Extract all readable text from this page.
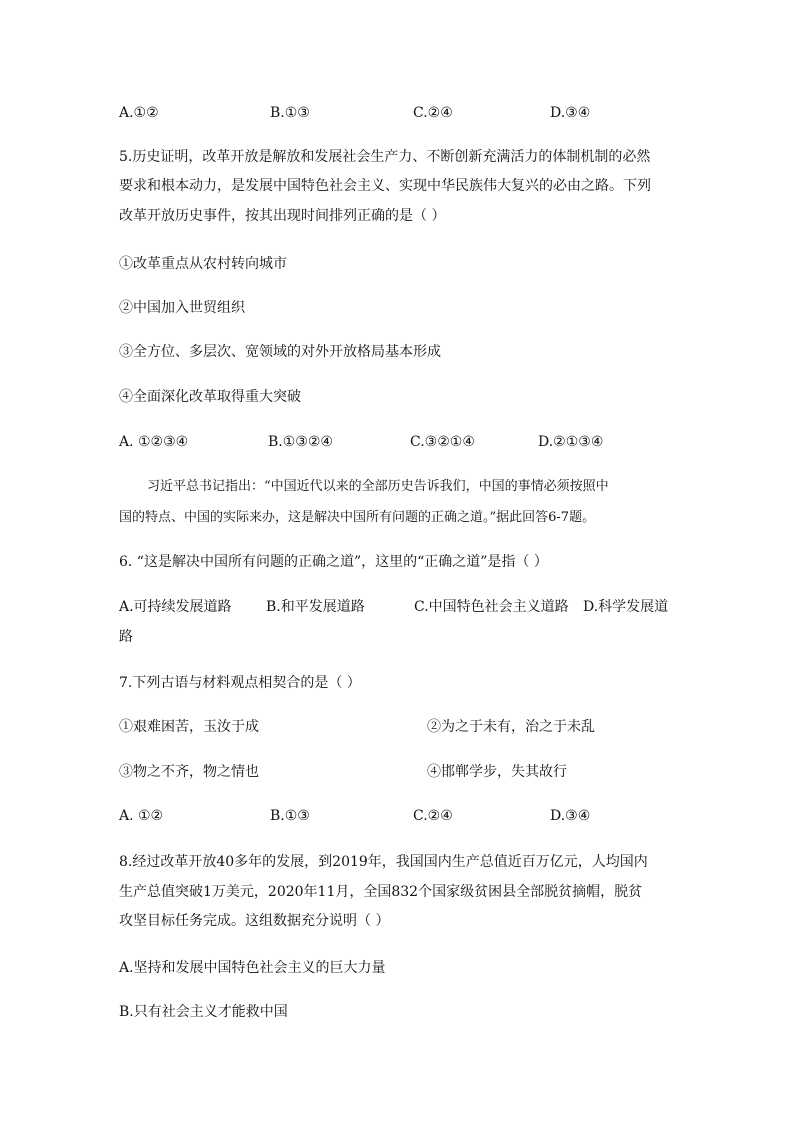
A.①②	B.①③	C.②④	D.③④
5.历史证明，改革开放是解放和发展社会生产力、不断创新充满活力的体制机制的必然
要求和根本动力，是发展中国特色社会主义、实现中华民族伟大复兴的必由之路。下列
改革开放历史事件，按其出现时间排列正确的是（ ）
①改革重点从农村转向城市
②中国加入世贸组织
③全方位、多层次、宽领域的对外开放格局基本形成
④全面深化改革取得重大突破
A. ①②③④	B.①③②④	C.③②①④	D.②①③④
习近平总书记指出：“中国近代以来的全部历史告诉我们，中国的事情必须按照中
国的特点、中国的实际来办，这是解决中国所有问题的正确之道。”据此回答6-7题。
6. “这是解决中国所有问题的正确之道”，这里的“正确之道”是指（ ）
A.可持续发展道路 B.和平发展道路	C.中国特色社会主义道路 D.科学发展道
路
7.下列古语与材料观点相契合的是（ ）
①艰难困苦，玉汝于成	②为之于未有，治之于未乱
③物之不齐，物之情也	④邯郸学步，失其故行
A. ①②	B.①③	C.②④	D.③④
8.经过改革开放40多年的发展，到2019年，我国国内生产总值近百万亿元，人均国内
生产总值突破1万美元，2020年11月，全国832个国家级贫困县全部脱贫摘帽，脱贫
攻坚目标任务完成。这组数据充分说明（ ）
A.坚持和发展中国特色社会主义的巨大力量
B.只有社会主义才能救中国
